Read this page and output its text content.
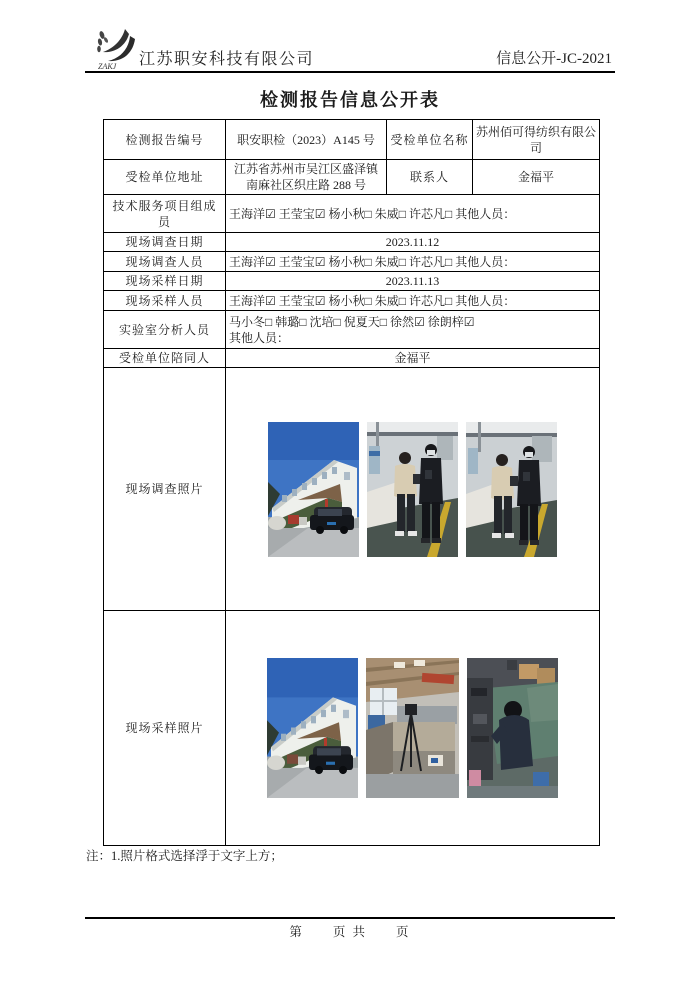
ZAKJ 江苏职安科技有限公司	信息公开-JC-2021
检测报告信息公开表
检测报告编号	职安职检（2023）A145 号	受检单位名称	苏州佰可得纺织有限公司
受检单位地址	江苏省苏州市吴江区盛泽镇南麻社区织庄路 288 号	联系人	金福平
技术服务项目组成员	王海洋☑ 王莹宝☑ 杨小秋□ 朱威□ 许芯凡□ 其他人员：		
现场调查日期	2023.11.12		
现场调查人员	王海洋☑ 王莹宝☑ 杨小秋□ 朱威□ 许芯凡□ 其他人员：		
现场采样日期	2023.11.13		
现场采样人员	王海洋☑ 王莹宝☑ 杨小秋□ 朱威□ 许芯凡□ 其他人员：		
实验室分析人员	马小冬□ 韩璐□ 沈培□ 倪夏天□ 徐然☑ 徐朗梓☑
其他人员：		

受检单位陪同人	金福平		
现场调查照片	

现场采样照片	
注：1.照片格式选择浮于文字上方；
第　　页 共　　页
